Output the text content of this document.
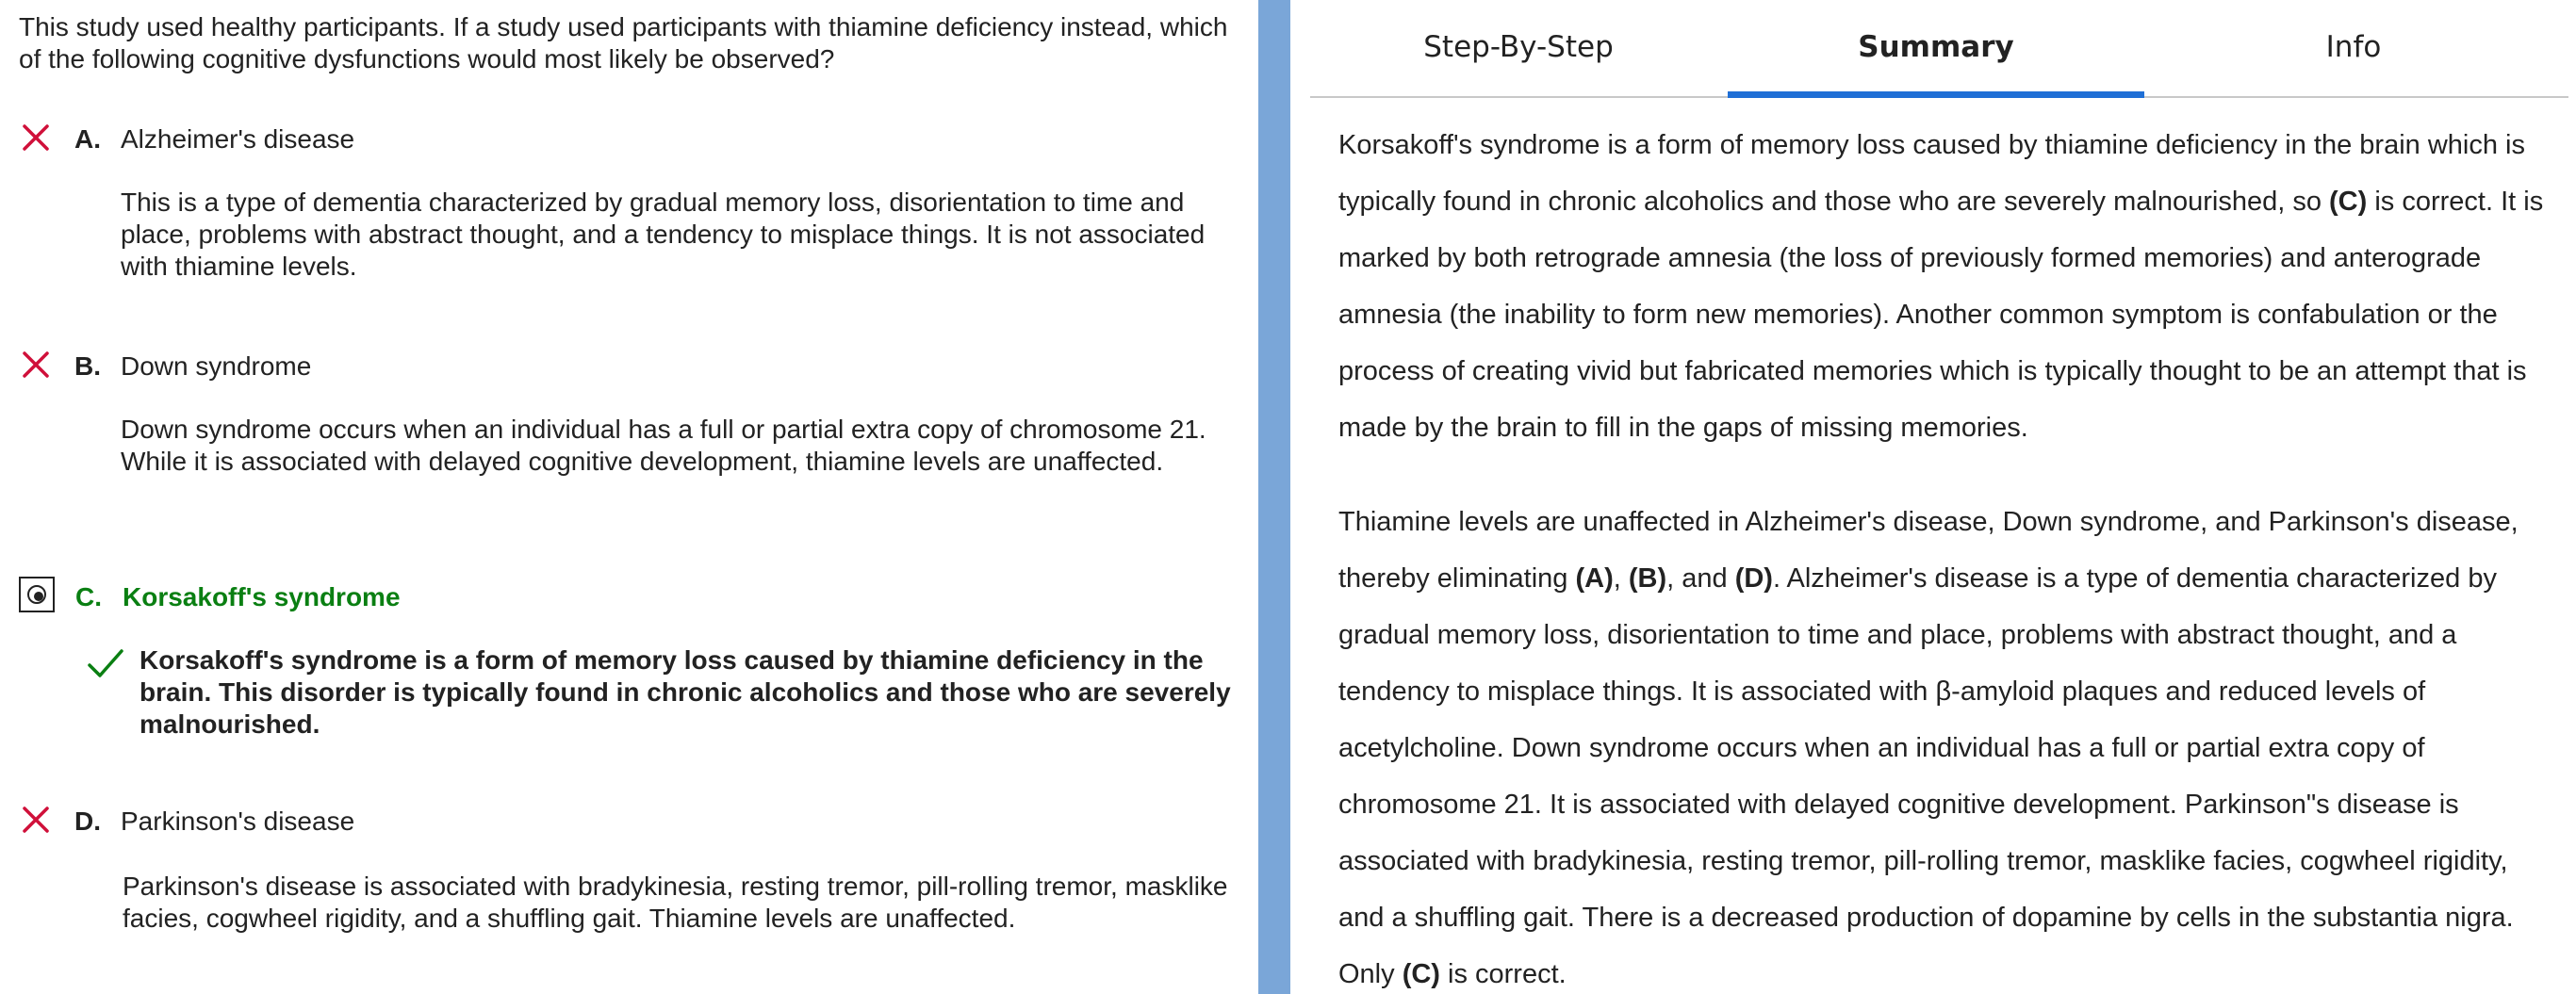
This study used healthy participants. If a study used participants with thiamine deficiency instead, which of the following cognitive dysfunctions would most likely be observed?
A. Alzheimer's disease
This is a type of dementia characterized by gradual memory loss, disorientation to time and place, problems with abstract thought, and a tendency to misplace things. It is not associated with thiamine levels.
B. Down syndrome
Down syndrome occurs when an individual has a full or partial extra copy of chromosome 21. While it is associated with delayed cognitive development, thiamine levels are unaffected.
C. Korsakoff's syndrome
Korsakoff's syndrome is a form of memory loss caused by thiamine deficiency in the brain. This disorder is typically found in chronic alcoholics and those who are severely malnourished.
D. Parkinson's disease
Parkinson's disease is associated with bradykinesia, resting tremor, pill-rolling tremor, masklike facies, cogwheel rigidity, and a shuffling gait. Thiamine levels are unaffected.
Step-By-Step	Summary	Info

Korsakoff's syndrome is a form of memory loss caused by thiamine deficiency in the brain which is typically found in chronic alcoholics and those who are severely malnourished, so (C) is correct. It is marked by both retrograde amnesia (the loss of previously formed memories) and anterograde amnesia (the inability to form new memories). Another common symptom is confabulation or the process of creating vivid but fabricated memories which is typically thought to be an attempt that is made by the brain to fill in the gaps of missing memories.

Thiamine levels are unaffected in Alzheimer's disease, Down syndrome, and Parkinson's disease, thereby eliminating (A), (B), and (D). Alzheimer's disease is a type of dementia characterized by gradual memory loss, disorientation to time and place, problems with abstract thought, and a tendency to misplace things. It is associated with β-amyloid plaques and reduced levels of acetylcholine. Down syndrome occurs when an individual has a full or partial extra copy of chromosome 21. It is associated with delayed cognitive development. Parkinson"s disease is associated with bradykinesia, resting tremor, pill-rolling tremor, masklike facies, cogwheel rigidity, and a shuffling gait. There is a decreased production of dopamine by cells in the substantia nigra. Only (C) is correct.
